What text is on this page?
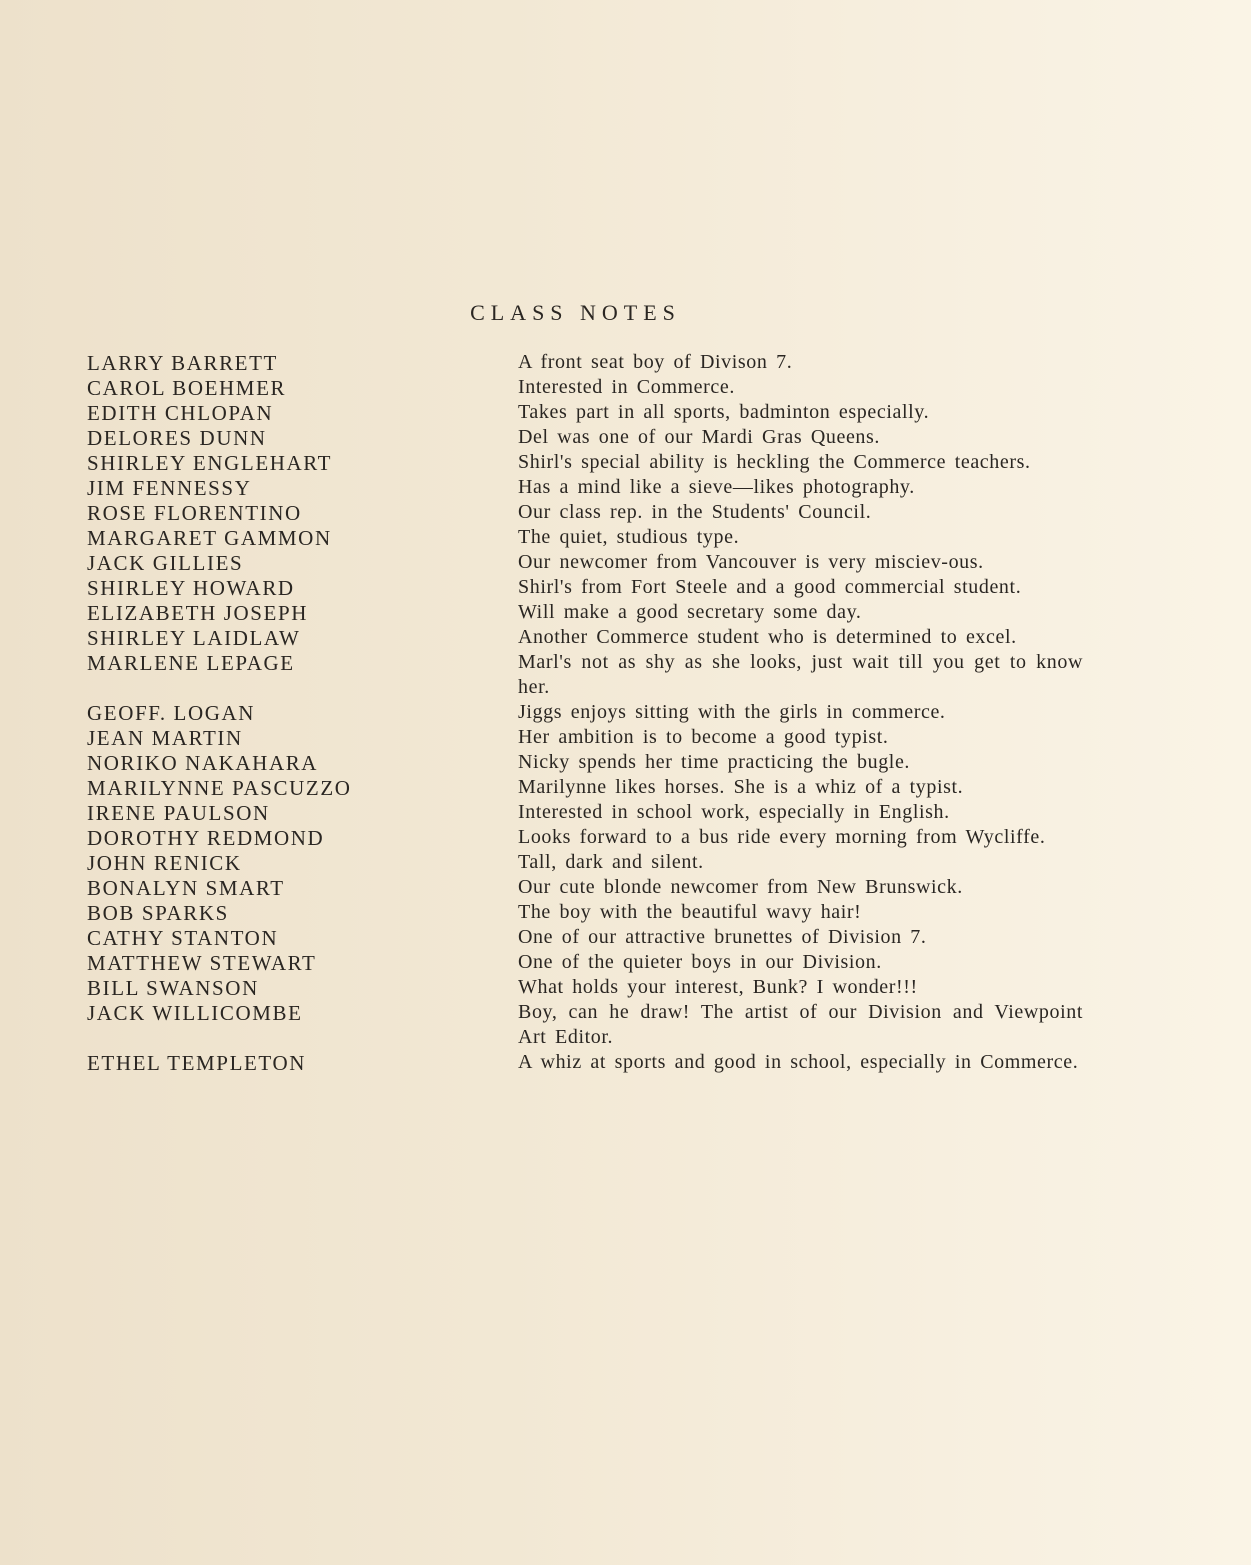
CLASS NOTES
LARRY BARRETT	A front seat boy of Divison 7.
CAROL BOEHMER	Interested in Commerce.
EDITH CHLOPAN	Takes part in all sports, badminton especially.
DELORES DUNN	Del was one of our Mardi Gras Queens.
SHIRLEY ENGLEHART	Shirl's special ability is heckling the Commerce teachers.
JIM FENNESSY	Has a mind like a sieve—likes photography.
ROSE FLORENTINO	Our class rep. in the Students' Council.
MARGARET GAMMON	The quiet, studious type.
JACK GILLIES	Our newcomer from Vancouver is very misciev-ous.
SHIRLEY HOWARD	Shirl's from Fort Steele and a good commercial student.
ELIZABETH JOSEPH	Will make a good secretary some day.
SHIRLEY LAIDLAW	Another Commerce student who is determined to excel.
MARLENE LEPAGE	Marl's not as shy as she looks, just wait till you get to know her.
GEOFF. LOGAN	Jiggs enjoys sitting with the girls in commerce.
JEAN MARTIN	Her ambition is to become a good typist.
NORIKO NAKAHARA	Nicky spends her time practicing the bugle.
MARILYNNE PASCUZZO	Marilynne likes horses. She is a whiz of a typist.
IRENE PAULSON	Interested in school work, especially in English.
DOROTHY REDMOND	Looks forward to a bus ride every morning from Wycliffe.
JOHN RENICK	Tall, dark and silent.
BONALYN SMART	Our cute blonde newcomer from New Brunswick.
BOB SPARKS	The boy with the beautiful wavy hair!
CATHY STANTON	One of our attractive brunettes of Division 7.
MATTHEW STEWART	One of the quieter boys in our Division.
BILL SWANSON	What holds your interest, Bunk? I wonder!!!
JACK WILLICOMBE	Boy, can he draw! The artist of our Division and Viewpoint Art Editor.
ETHEL TEMPLETON	A whiz at sports and good in school, especially in Commerce.
